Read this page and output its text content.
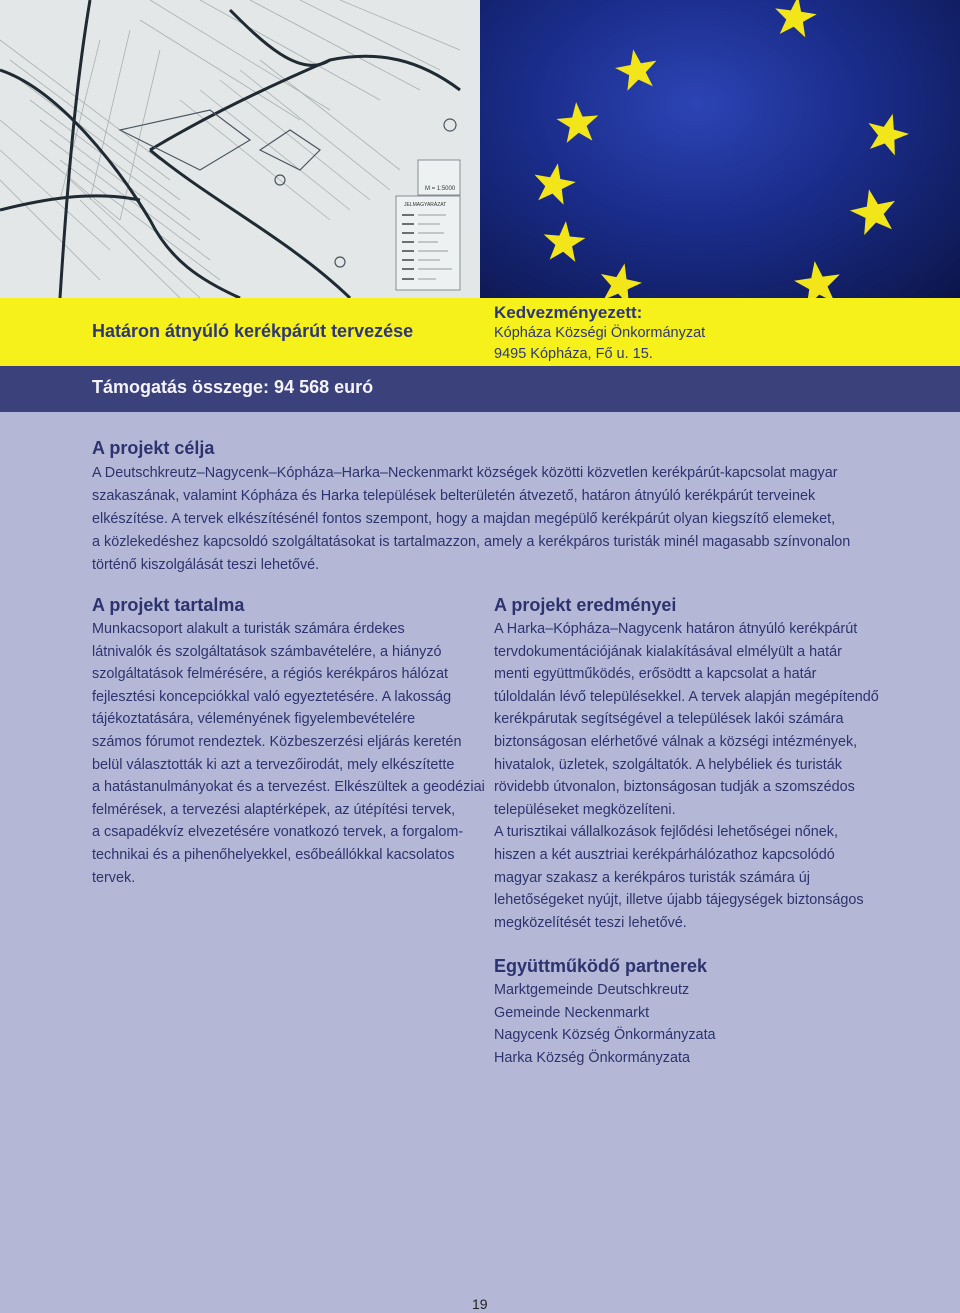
M = 1:5000
JELMAGYARÁZAT
Határon átnyúló kerékpárút tervezése
Kedvezményezett:
Kópháza Községi Önkormányzat
9495 Kópháza, Fő u. 15.
Támogatás összege: 94 568 euró
A projekt célja
A Deutschkreutz–Nagycenk–Kópháza–Harka–Neckenmarkt községek közötti közvetlen kerékpárút-kapcsolat magyar
szakaszának, valamint Kópháza és Harka települések belterületén átvezető, határon átnyúló kerékpárút terveinek
elkészítése. A tervek elkészítésénél fontos szempont, hogy a majdan megépülő kerékpárút olyan kiegszítő elemeket,
a közlekedéshez kapcsoldó szolgáltatásokat is tartalmazzon, amely a kerékpáros turisták minél magasabb színvonalon
történő kiszolgálását teszi lehetővé.
A projekt tartalma
Munkacsoport alakult a turisták számára érdekes
látnivalók és szolgáltatások számbavételére, a hiányzó
szolgáltatások felmérésére, a régiós kerékpáros hálózat
fejlesztési koncepciókkal való egyeztetésére. A lakosság
tájékoztatására, véleményének figyelembevételére
számos fórumot rendeztek. Közbeszerzési eljárás keretén
belül választották ki azt a tervezőirodát, mely elkészítette
a hatástanulmányokat és a tervezést. Elkészültek a geodéziai
felmérések, a tervezési alaptérképek, az útépítési tervek,
a csapadékvíz elvezetésére vonatkozó tervek, a forgalom-
technikai és a pihenőhelyekkel, esőbeállókkal kacsolatos
tervek.
A projekt eredményei
A Harka–Kópháza–Nagycenk határon átnyúló kerékpárút
tervdokumentációjának kialakításával elmélyült a határ
menti együttműködés, erősödtt a kapcsolat a határ
túloldalán lévő településekkel. A tervek alapján megépítendő
kerékpárutak segítségével a települések lakói számára
biztonságosan elérhetővé válnak a községi intézmények,
hivatalok, üzletek, szolgáltatók. A helybéliek és turisták
rövidebb útvonalon, biztonságosan tudják a szomszédos
településeket megközelíteni.
A turisztikai vállalkozások fejlődési lehetőségei nőnek,
hiszen a két ausztriai kerékpárhálózathoz kapcsolódó
magyar szakasz a kerékpáros turisták számára új
lehetőségeket nyújt, illetve újabb tájegységek biztonságos
megközelítését teszi lehetővé.
Együttműködő partnerek
Marktgemeinde Deutschkreutz
Gemeinde Neckenmarkt
Nagycenk Község Önkormányzata
Harka Község Önkormányzata
19
